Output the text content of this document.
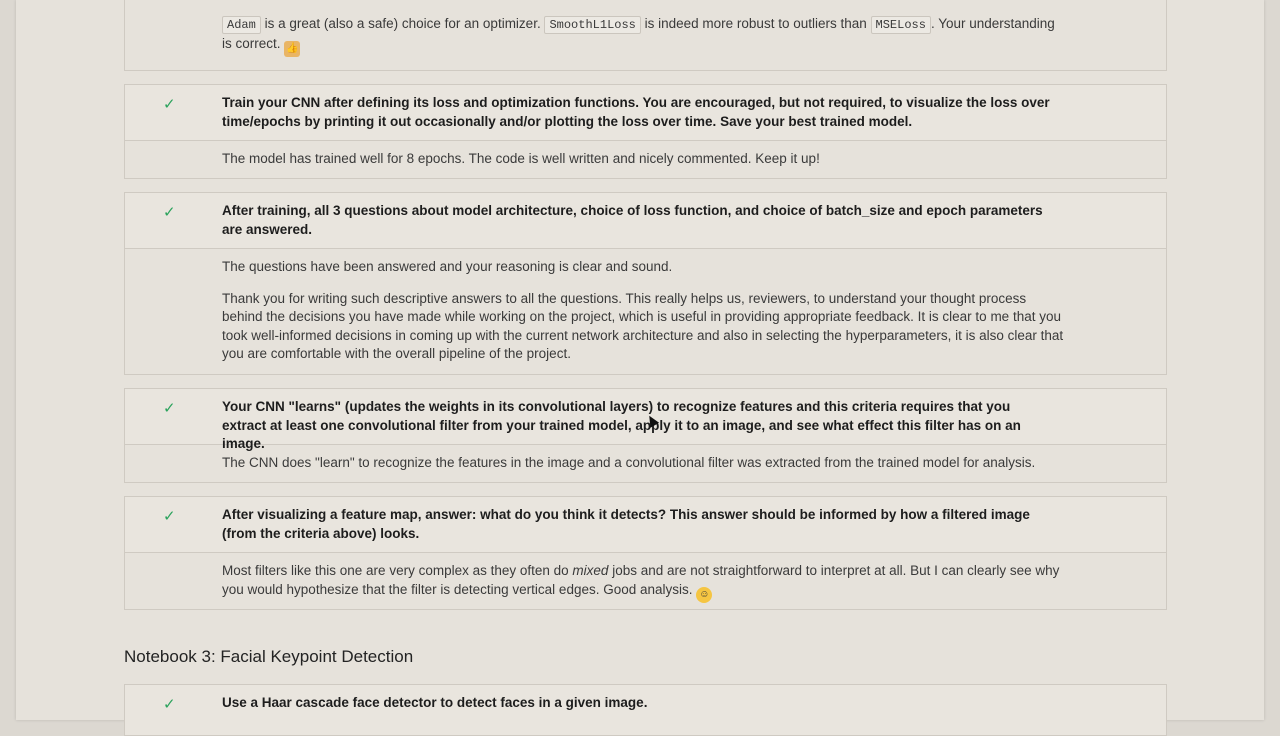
Adam is a great (also a safe) choice for an optimizer. SmoothL1Loss is indeed more robust to outliers than MSELoss . Your understanding is correct. 👍

✓	Train your CNN after defining its loss and optimization functions. You are encouraged, but not required, to visualize the loss over time/epochs by printing it out occasionally and/or plotting the loss over time. Save your best trained model.

The model has trained well for 8 epochs. The code is well written and nicely commented. Keep it up!

✓	After training, all 3 questions about model architecture, choice of loss function, and choice of batch_size and epoch parameters are answered.

The questions have been answered and your reasoning is clear and sound.

Thank you for writing such descriptive answers to all the questions. This really helps us, reviewers, to understand your thought process behind the decisions you have made while working on the project, which is useful in providing appropriate feedback. It is clear to me that you took well-informed decisions in coming up with the current network architecture and also in selecting the hyperparameters, it is also clear that you are comfortable with the overall pipeline of the project.

✓	Your CNN "learns" (updates the weights in its convolutional layers) to recognize features and this criteria requires that you extract at least one convolutional filter from your trained model, apply it to an image, and see what effect this filter has on an image.

The CNN does "learn" to recognize the features in the image and a convolutional filter was extracted from the trained model for analysis.

✓	After visualizing a feature map, answer: what do you think it detects? This answer should be informed by how a filtered image (from the criteria above) looks.

Most filters like this one are very complex as they often do mixed jobs and are not straightforward to interpret at all. But I can clearly see why you would hypothesize that the filter is detecting vertical edges. Good analysis. ☺

Notebook 3: Facial Keypoint Detection
✓	Use a Haar cascade face detector to detect faces in a given image.
